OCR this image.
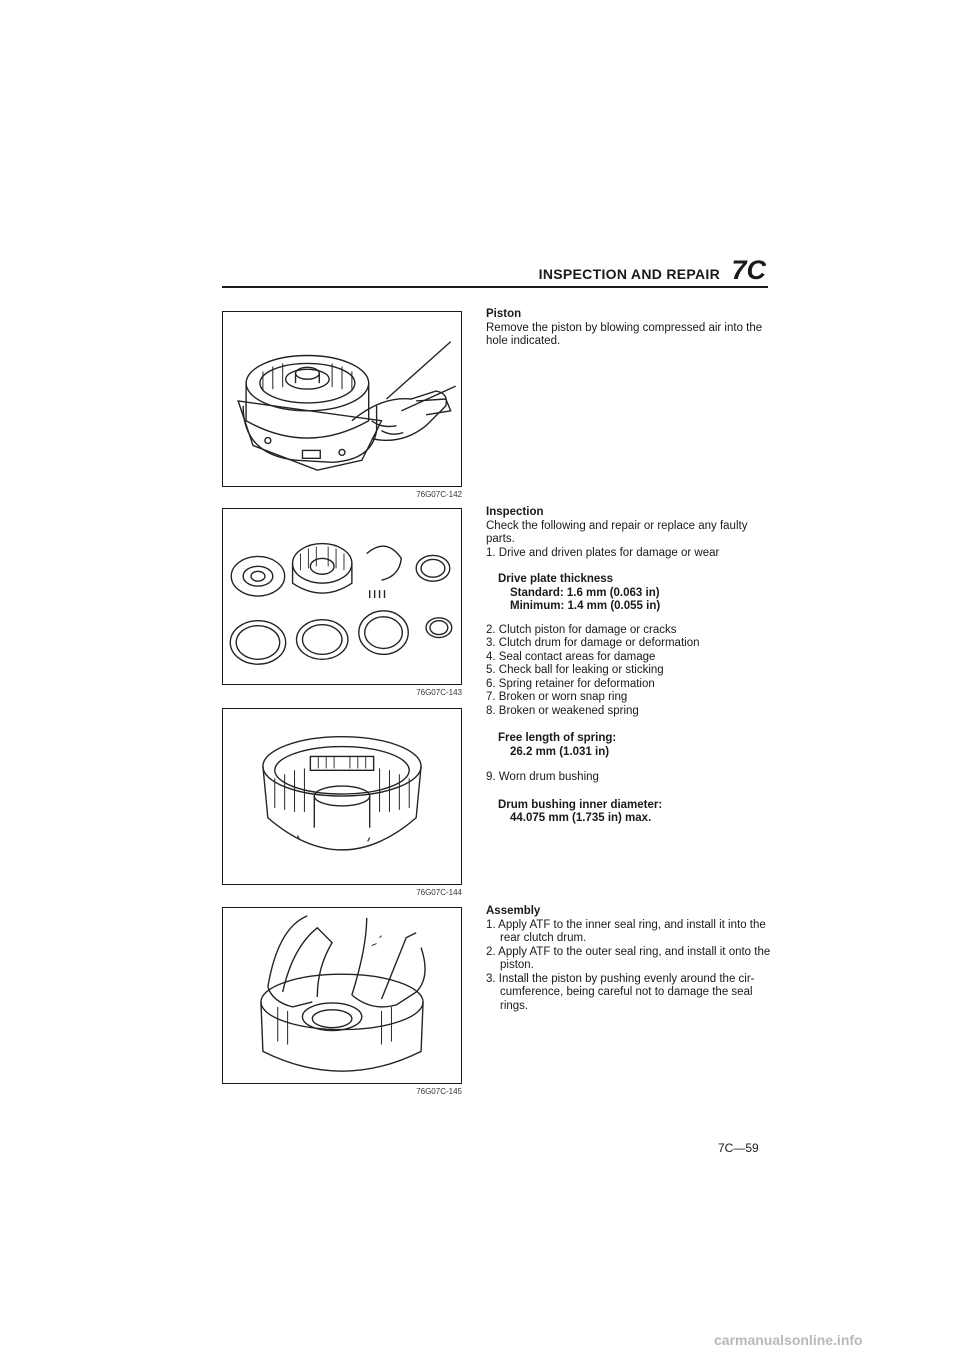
INSPECTION AND REPAIR 7C
76G07C-142
76G07C-143
76G07C-144
76G07C-145

Piston

Remove the piston by blowing compressed air into the hole indicated.

Inspection

Check the following and repair or replace any faulty parts.

1. Drive and driven plates for damage or wear
Drive plate thickness
Standard: 1.6 mm (0.063 in)
Minimum: 1.4 mm (0.055 in)
2. Clutch piston for damage or cracks
3. Clutch drum for damage or deformation
4. Seal contact areas for damage
5. Check ball for leaking or sticking
6. Spring retainer for deformation
7. Broken or worn snap ring
8. Broken or weakened spring
Free length of spring:
26.2 mm (1.031 in)
9. Worn drum bushing
Drum bushing inner diameter:
44.075 mm (1.735 in) max.

Assembly

1. Apply ATF to the inner seal ring, and install it into the rear clutch drum.
2. Apply ATF to the outer seal ring, and install it onto the piston.
3. Install the piston by pushing evenly around the cir-cumference, being careful not to damage the seal rings.
7C—59
carmanualsonline.info
